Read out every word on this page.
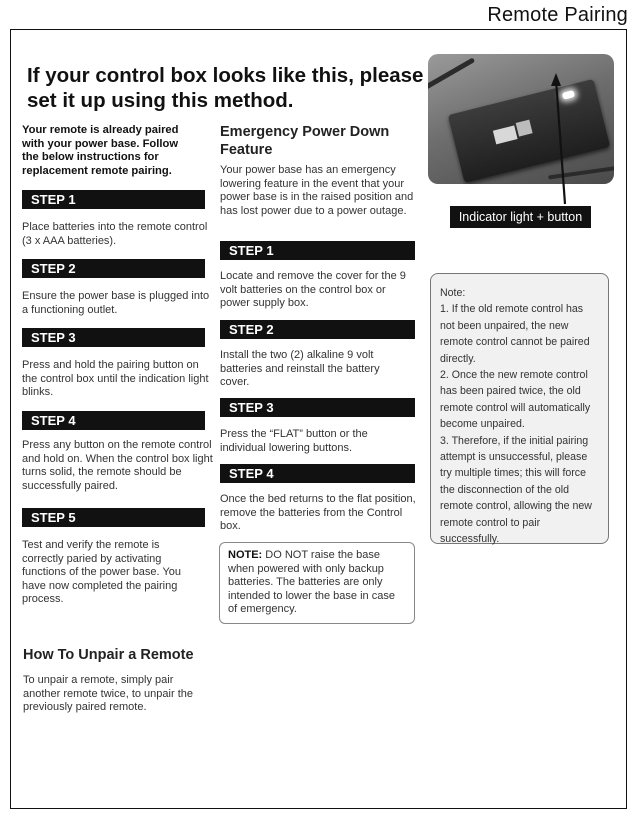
Remote Pairing
If your control box looks like this, please set it up using this method.
Indicator light + button
Your remote is already paired with your power base. Follow the below instructions for replacement remote pairing.
STEP 1
Place batteries into the remote control (3 x AAA batteries).
STEP 2
Ensure the power base is plugged into a functioning outlet.
STEP 3
Press and hold the pairing button on the control box until the indication light blinks.
STEP 4
Press any button on the remote control and hold on. When the control box light turns solid, the remote should be successfully paired.
STEP 5
Test and verify the remote is correctly paried by activating functions of the power base. You have now completed the pairing process.
How To Unpair a Remote
To unpair a remote, simply pair another remote twice, to unpair the previously paired remote.
Emergency Power Down Feature
Your power base has an emergency lowering feature in the event that your power base is in the raised position and has lost power due to a power outage.
STEP 1
Locate and remove the cover for the 9 volt batteries on the control box or power supply box.
STEP 2
Install the two (2) alkaline 9 volt batteries and reinstall the battery cover.
STEP 3
Press the “FLAT” button or the individual lowering buttons.
STEP 4
Once the bed returns to the flat position, remove the batteries from the Control box.
NOTE: DO NOT raise the base when powered with only backup batteries. The batteries are only intended to lower the base in case of emergency.
Note:
1. If the old remote control has not been unpaired, the new remote control cannot be paired directly.
2. Once the new remote control has been paired twice, the old remote control will automatically become unpaired.
3. Therefore, if the initial pairing attempt is unsuccessful, please try multiple times; this will force the disconnection of the old remote control, allowing the new remote control to pair successfully.
